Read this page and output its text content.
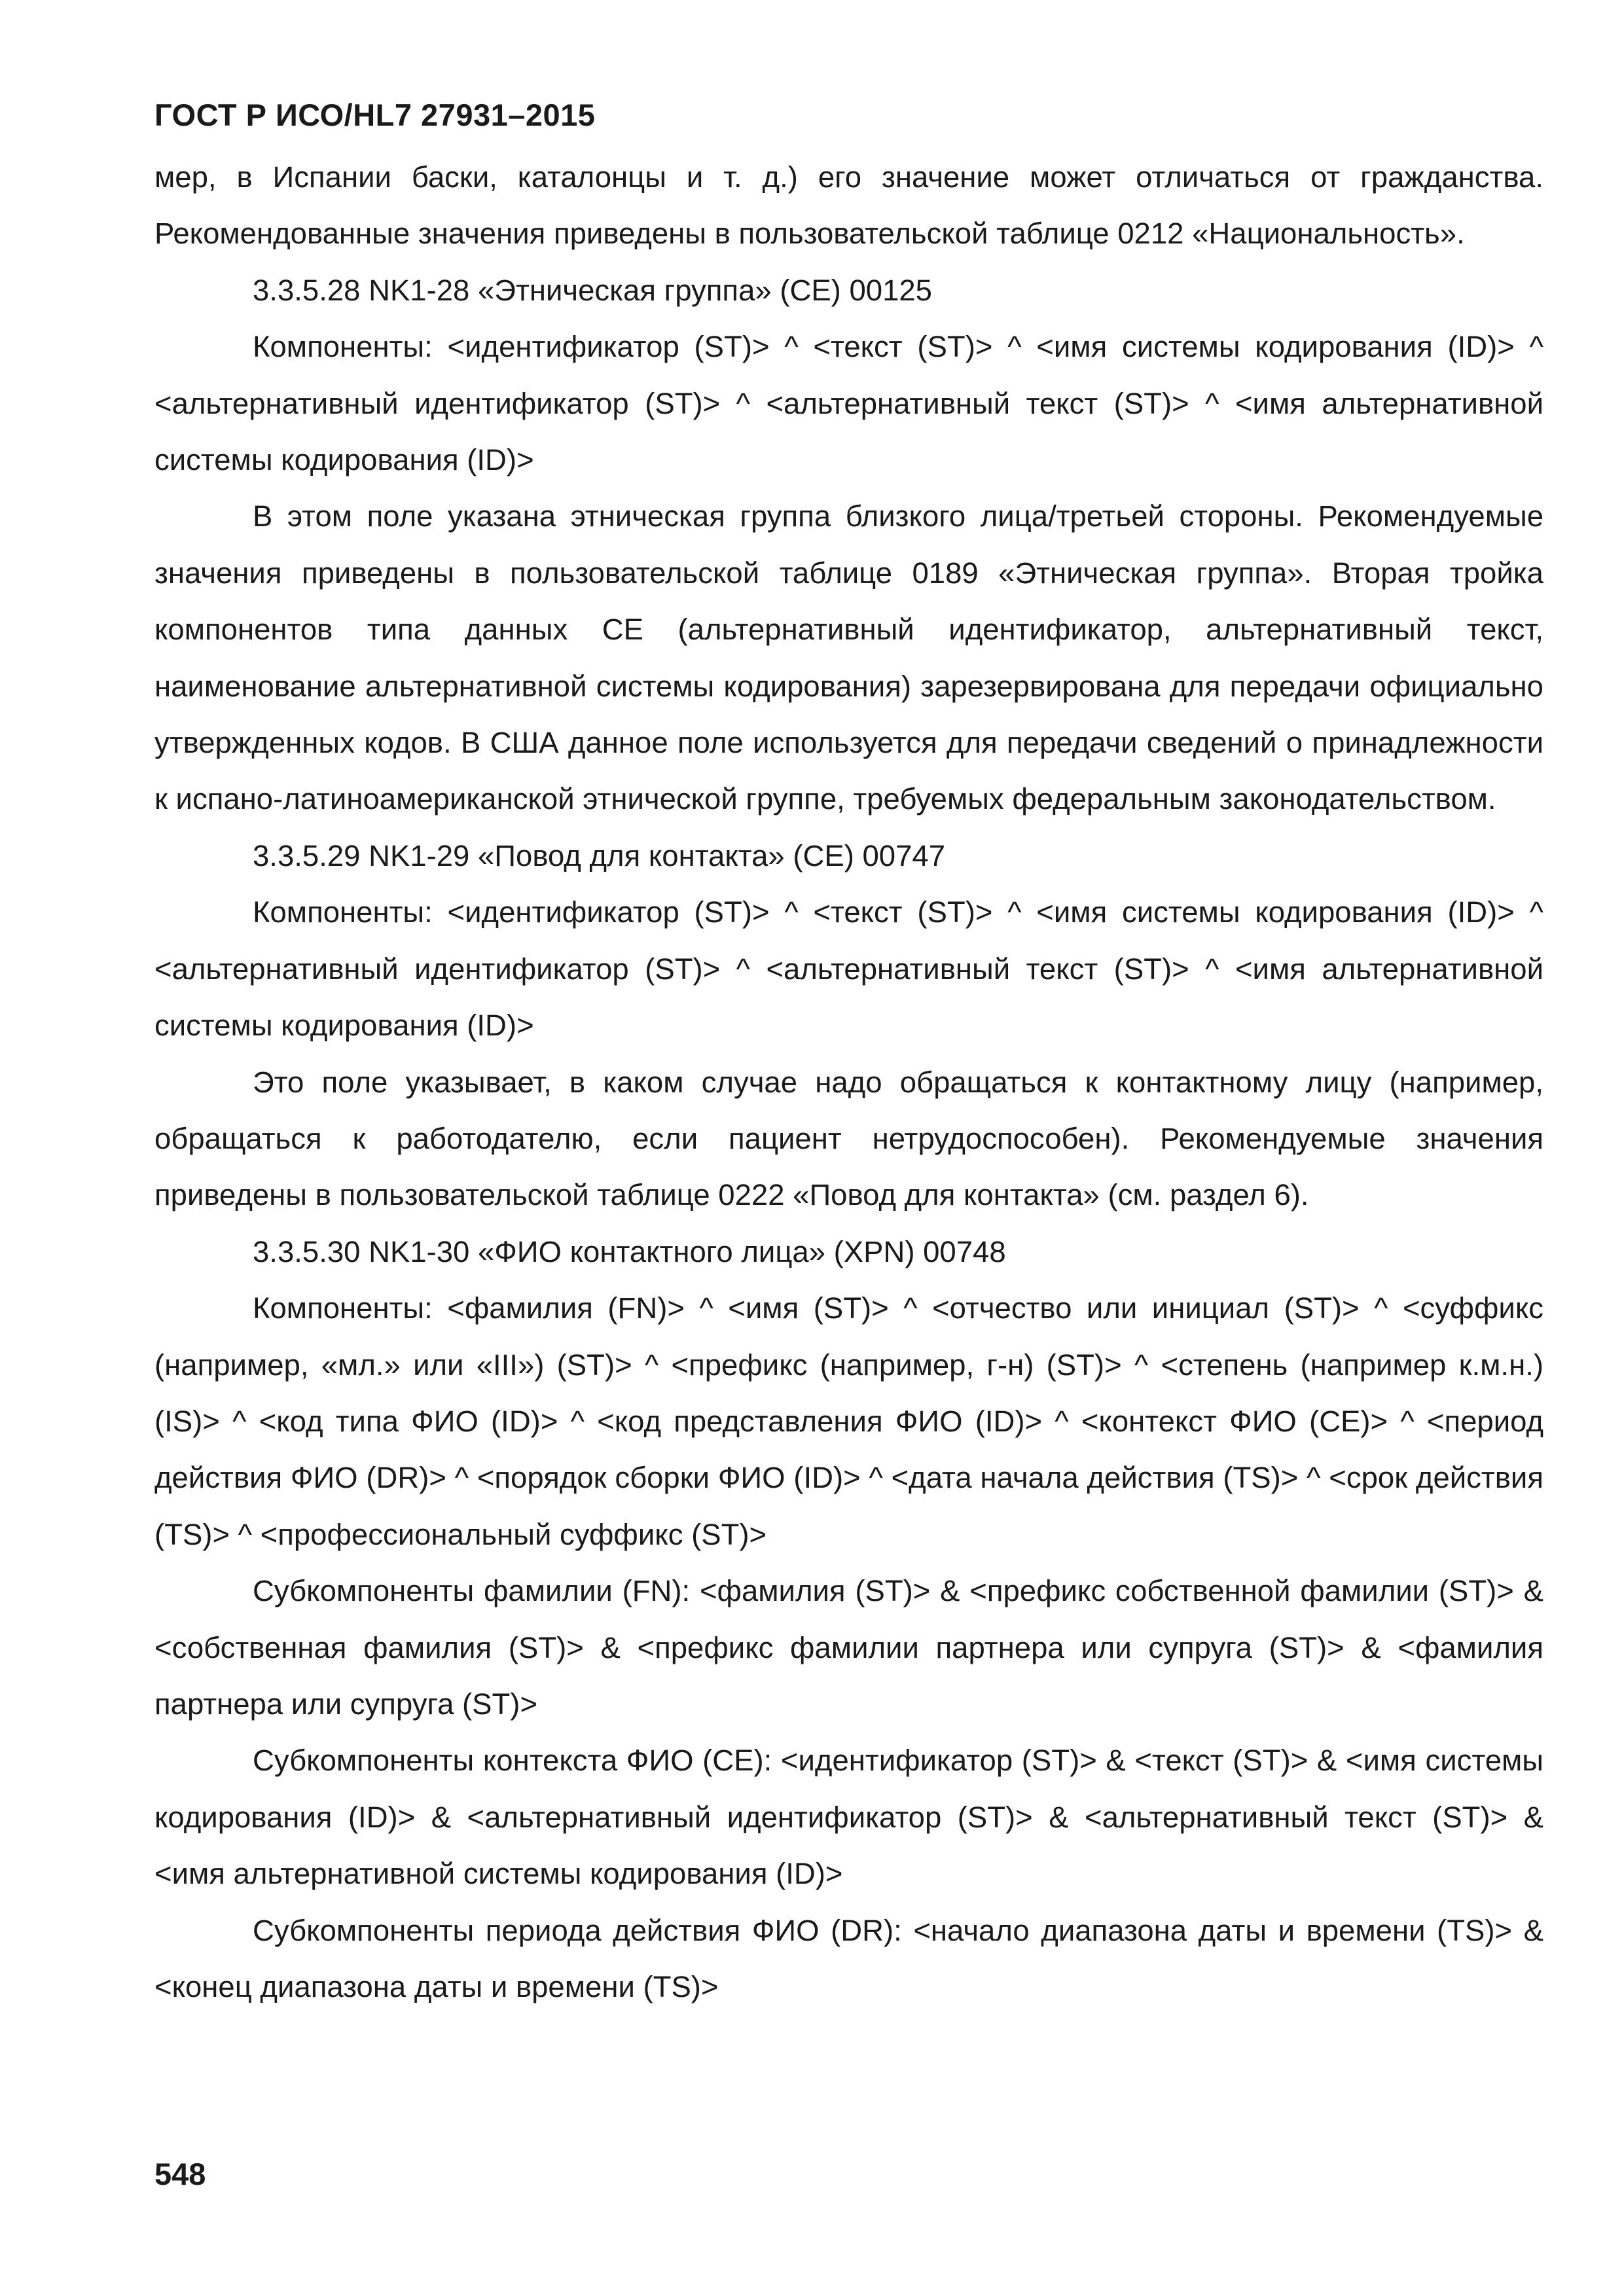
ГОСТ Р ИСО/HL7 27931–2015

мер, в Испании баски, каталонцы и т. д.) его значение может отличаться от гражданства. Рекомендованные значения приведены в пользовательской таблице 0212 «Национальность».

3.3.5.28 NK1-28 «Этническая группа» (CE) 00125

Компоненты: <идентификатор (ST)> ^ <текст (ST)> ^ <имя системы кодирования (ID)> ^ <альтернативный идентификатор (ST)> ^ <альтернативный текст (ST)> ^ <имя альтернативной системы кодирования (ID)>

В этом поле указана этническая группа близкого лица/третьей стороны. Рекомендуемые значения приведены в пользовательской таблице 0189 «Этническая группа». Вторая тройка компонентов типа данных CE (альтернативный идентификатор, альтернативный текст, наименование альтернативной системы кодирования) зарезервирована для передачи официально утвержденных кодов. В США данное поле используется для передачи сведений о принадлежности к испано-латиноамериканской этнической группе, требуемых федеральным законодательством.

3.3.5.29 NK1-29 «Повод для контакта» (CE) 00747

Компоненты: <идентификатор (ST)> ^ <текст (ST)> ^ <имя системы кодирования (ID)> ^ <альтернативный идентификатор (ST)> ^ <альтернативный текст (ST)> ^ <имя альтернативной системы кодирования (ID)>

Это поле указывает, в каком случае надо обращаться к контактному лицу (например, обращаться к работодателю, если пациент нетрудоспособен). Рекомендуемые значения приведены в пользовательской таблице 0222 «Повод для контакта» (см. раздел 6).

3.3.5.30 NK1-30 «ФИО контактного лица» (XPN) 00748

Компоненты: <фамилия (FN)> ^ <имя (ST)> ^ <отчество или инициал (ST)> ^ <суффикс (например, «мл.» или «III») (ST)> ^ <префикс (например, г-н) (ST)> ^ <степень (например к.м.н.) (IS)> ^ <код типа ФИО (ID)> ^ <код представления ФИО (ID)> ^ <контекст ФИО (CE)> ^ <период действия ФИО (DR)> ^ <порядок сборки ФИО (ID)> ^ <дата начала действия (TS)> ^ <срок действия (TS)> ^ <профессиональный суффикс (ST)>

Субкомпоненты фамилии (FN): <фамилия (ST)> & <префикс собственной фамилии (ST)> & <собственная фамилия (ST)> & <префикс фамилии партнера или супруга (ST)> & <фамилия партнера или супруга (ST)>

Субкомпоненты контекста ФИО (CE): <идентификатор (ST)> & <текст (ST)> & <имя системы кодирования (ID)> & <альтернативный идентификатор (ST)> & <альтернативный текст (ST)> & <имя альтернативной системы кодирования (ID)>

Субкомпоненты периода действия ФИО (DR): <начало диапазона даты и времени (TS)> & <конец диапазона даты и времени (TS)>

548
